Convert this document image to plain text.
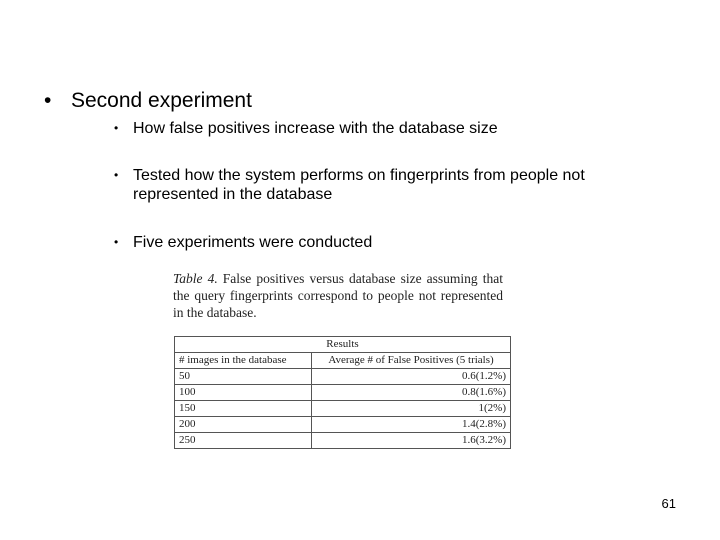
• Second experiment
• How false positives increase with the database size
• Tested how the system performs on fingerprints from people not represented in the database
• Five experiments were conducted
Table 4. False positives versus database size assuming that the query fingerprints correspond to people not represented in the database.
Results	
# images in the database	Average # of False Positives (5 trials)
50	0.6(1.2%)
100	0.8(1.6%)
150	1(2%)
200	1.4(2.8%)
250	1.6(3.2%)
61
